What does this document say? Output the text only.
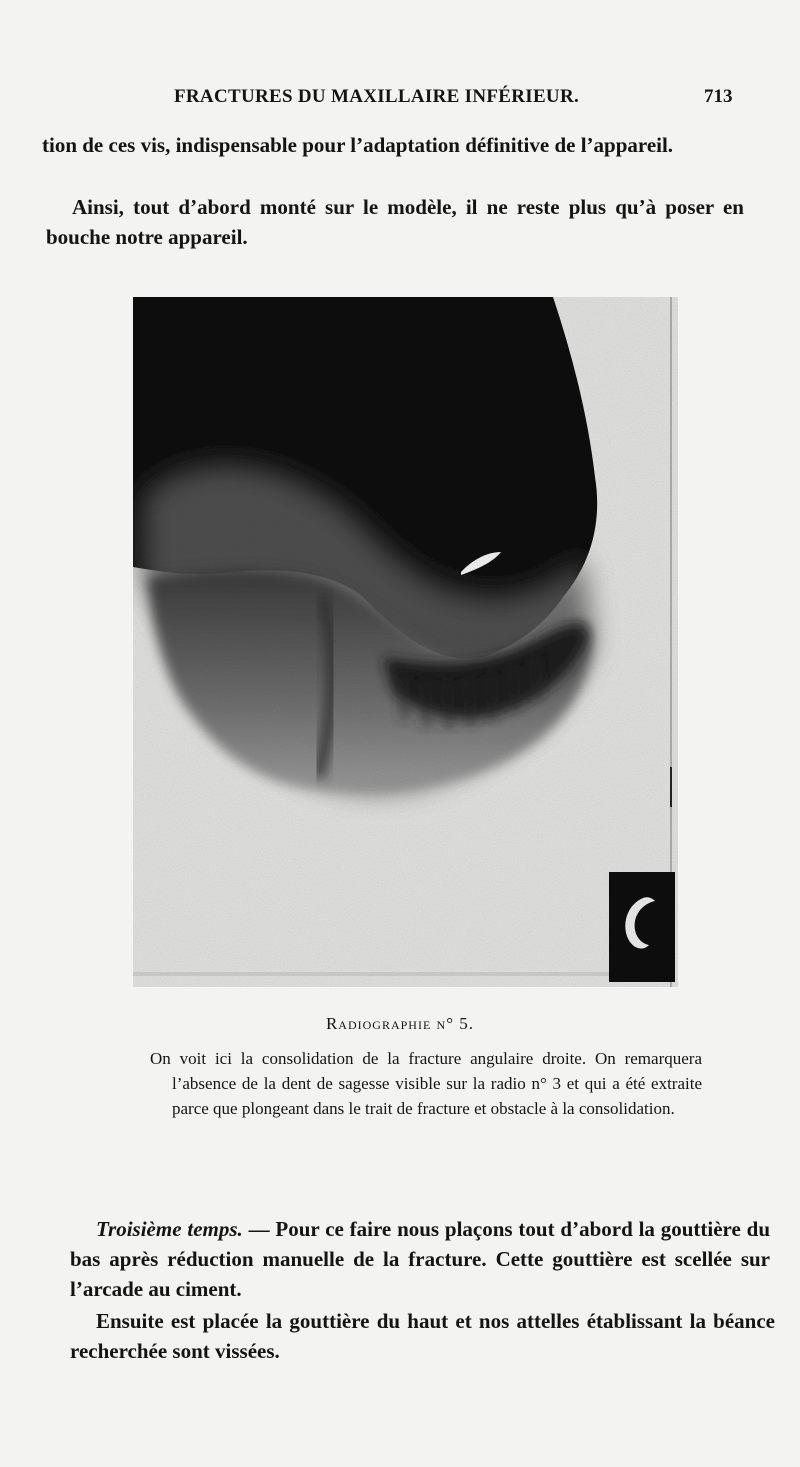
FRACTURES DU MAXILLAIRE INFÉRIEUR.	713

tion de ces vis, indispensable pour l’adaptation définitive de l’appareil.

Ainsi, tout d’abord monté sur le modèle, il ne reste plus qu’à poser en bouche notre appareil.

Radiographie n° 5.

On voit ici la consolidation de la fracture angulaire droite. On remarquera l’absence de la dent de sagesse visible sur la radio n° 3 et qui a été extraite parce que plongeant dans le trait de fracture et obstacle à la consolidation.

Troisième temps. — Pour ce faire nous plaçons tout d’abord la gouttière du bas après réduction manuelle de la fracture. Cette gouttière est scellée sur l’arcade au ciment.

Ensuite est placée la gouttière du haut et nos attelles établissant la béance recherchée sont vissées.
